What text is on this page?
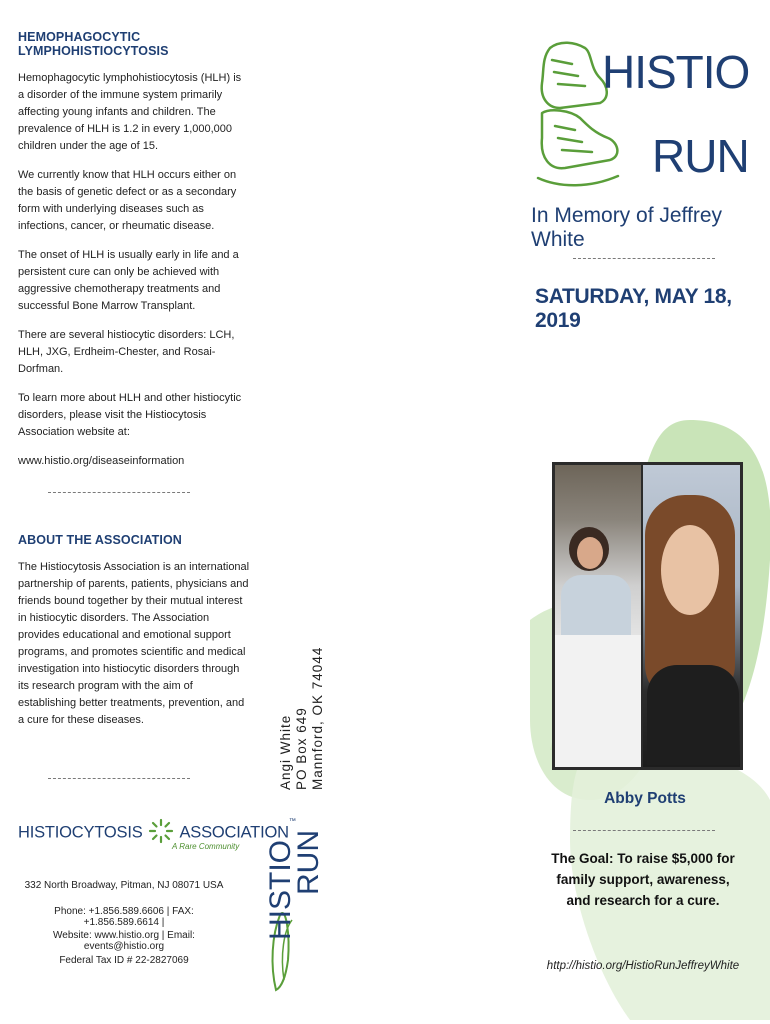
HEMOPHAGOCYTIC LYMPHOHISTIOCYTOSIS

Hemophagocytic lymphohistiocytosis (HLH) is a disorder of the immune system primarily affecting young infants and children. The prevalence of HLH is 1.2 in every 1,000,000 children under the age of 15.

We currently know that HLH occurs either on the basis of genetic defect or as a secondary form with underlying diseases such as infections, cancer, or rheumatic disease.

The onset of HLH is usually early in life and a persistent cure can only be achieved with aggressive chemotherapy treatments and successful Bone Marrow Transplant.

There are several histiocytic disorders: LCH, HLH, JXG, Erdheim-Chester, and Rosai-Dorfman.

To learn more about HLH and other histiocytic disorders, please visit the Histiocytosis Association website at:

www.histio.org/diseaseinformation

ABOUT THE ASSOCIATION

The Histiocytosis Association is an international partnership of parents, patients, physicians and friends bound together by their mutual interest in histiocytic disorders. The Association provides educational and emotional support programs, and promotes scientific and medical investigation into histiocytic disorders through its research program with the aim of establishing better treatments, prevention, and a cure for these diseases.

HISTIOCYTOSIS ASSOCIATION™
A Rare Community
332 North Broadway, Pitman, NJ 08071 USA
Phone: +1.856.589.6606 | FAX: +1.856.589.6614 |
Website: www.histio.org | Email: events@histio.org
Federal Tax ID # 22-2827069
Angi White PO Box 649 Mannford, OK 74044
HISTIO
RUN
HISTIO
RUN
In Memory of Jeffrey White
SATURDAY, MAY 18, 2019
Abby Potts
The Goal: To raise $5,000 for family support, awareness, and research for a cure.
http://histio.org/HistioRunJeffreyWhite
